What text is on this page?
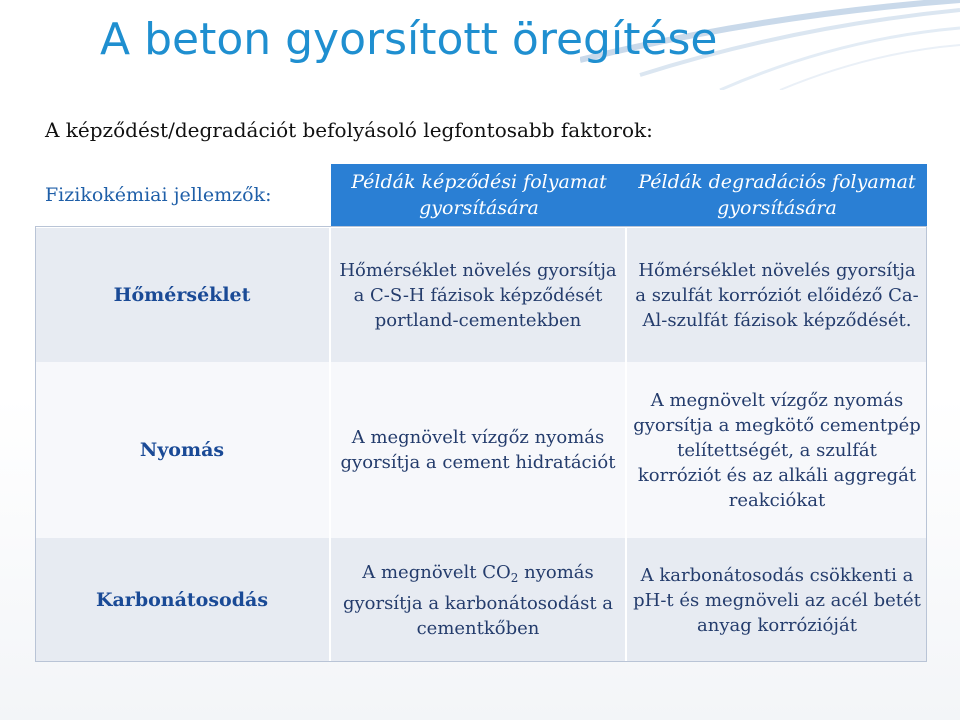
A beton gyorsított öregítése
A képződést/degradációt befolyásoló legfontosabb faktorok:
Fizikokémiai jellemzők:	Példák képződési folyamat gyorsítására	Példák degradációs folyamat gyorsítására
Hőmérséklet	Hőmérséklet növelés gyorsítja a C-S-H fázisok képződését portland-cementekben	Hőmérséklet növelés gyorsítja a szulfát korróziót előidéző Ca-Al-szulfát fázisok képződését.
Nyomás	A megnövelt vízgőz nyomás gyorsítja a cement hidratációt	A megnövelt vízgőz nyomás gyorsítja a megkötő cementpép telítettségét, a szulfát korróziót és az alkáli aggregát reakciókat
Karbonátosodás	A megnövelt $CO_2$ nyomás gyorsítja a karbonátosodást a cementkőben	A karbonátosodás csökkenti a pH-t és megnöveli az acél betét anyag korrózióját
